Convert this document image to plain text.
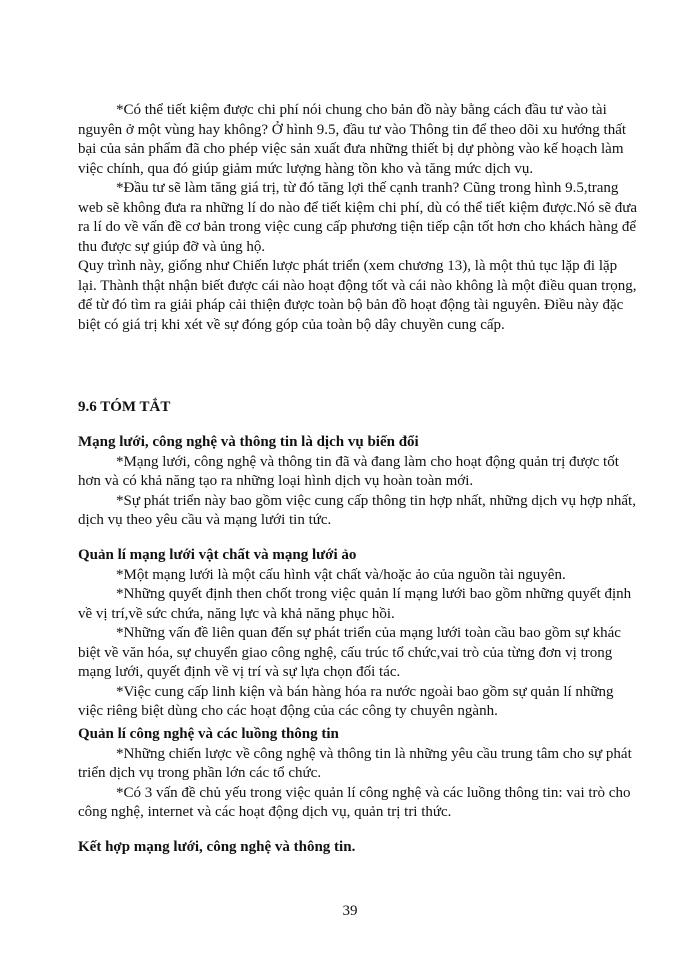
*Có thể tiết kiệm được chi phí nói chung cho bản đồ này bằng cách đầu tư vào tài nguyên ở một vùng hay không? Ở hình 9.5, đầu tư vào Thông tin để theo dõi xu hướng thất bại của sản phẩm đã cho phép việc sản xuất đưa những thiết bị dự phòng vào kế hoạch làm việc chính, qua đó giúp giảm mức lượng hàng tồn kho và tăng mức dịch vụ.

*Đầu tư sẽ làm tăng giá trị, từ đó tăng lợi thế cạnh tranh? Cũng trong hình 9.5,trang web sẽ không đưa ra những lí do nào để tiết kiệm chi phí, dù có thể tiết kiệm được.Nó sẽ đưa ra lí do về vấn đề cơ bản trong việc cung cấp phương tiện tiếp cận tốt hơn cho khách hàng để thu được sự giúp đỡ và ủng hộ.

Quy trình này, giống như Chiến lược phát triển (xem chương 13), là một thủ tục lặp đi lặp lại. Thành thật nhận biết được cái nào hoạt động tốt và cái nào không là một điều quan trọng, để từ đó tìm ra giải pháp cải thiện được toàn bộ bản đồ hoạt động tài nguyên. Điều này đặc biệt có giá trị khi xét về sự đóng góp của toàn bộ dây chuyền cung cấp.

9.6 TÓM TẮT

Mạng lưới, công nghệ và thông tin là dịch vụ biến đổi

*Mạng lưới, công nghệ và thông tin đã và đang làm cho hoạt động quản trị được tốt hơn và có khả năng tạo ra những loại hình dịch vụ hoàn toàn mới.

*Sự phát triển này bao gồm việc cung cấp thông tin hợp nhất, những dịch vụ hợp nhất, dịch vụ theo yêu cầu và mạng lưới tin tức.

Quản lí mạng lưới vật chất và mạng lưới ảo

*Một mạng lưới là một cấu hình vật chất và/hoặc ảo của nguồn tài nguyên.

*Những quyết định then chốt trong việc quản lí mạng lưới bao gồm những quyết định về vị trí,về sức chứa, năng lực và khả năng phục hồi.

*Những vấn đề liên quan đến sự phát triển của mạng lưới toàn cầu bao gồm sự khác biệt về văn hóa, sự chuyển giao công nghệ, cấu trúc tổ chức,vai trò của từng đơn vị trong mạng lưới, quyết định về vị trí và sự lựa chọn đối tác.

*Việc cung cấp linh kiện và bán hàng hóa ra nước ngoài bao gồm sự quản lí những việc riêng biệt dùng cho các hoạt động của các công ty chuyên ngành.

Quản lí công nghệ và các luồng thông tin

*Những chiến lược về công nghệ và thông tin là những yêu cầu trung tâm cho sự phát triển dịch vụ trong phần lớn các tổ chức.

*Có 3 vấn đề chủ yếu trong việc quản lí công nghệ và các luồng thông tin: vai trò cho công nghệ, internet và các hoạt động dịch vụ, quản trị tri thức.

Kết hợp mạng lưới, công nghệ và thông tin.

39
